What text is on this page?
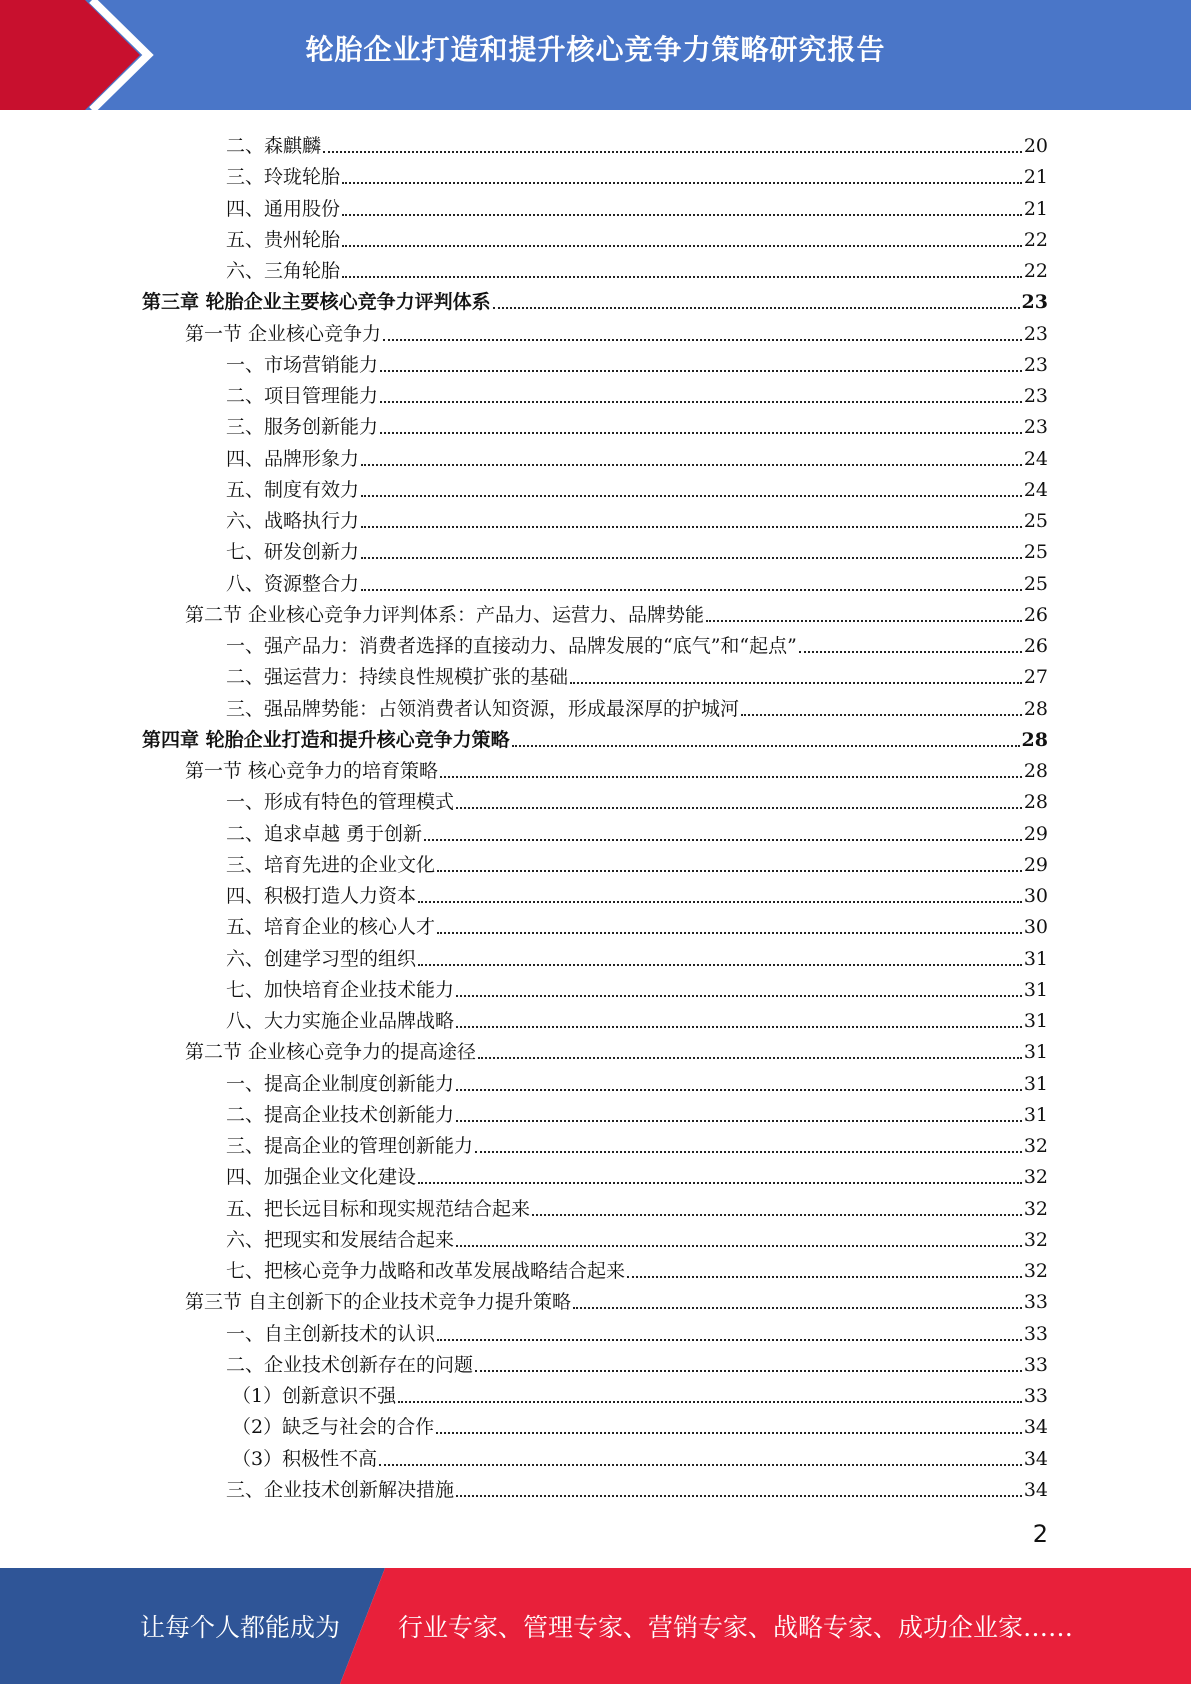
轮胎企业打造和提升核心竞争力策略研究报告
二、森麒麟	20
三、玲珑轮胎	21
四、通用股份	21
五、贵州轮胎	22
六、三角轮胎	22
第三章 轮胎企业主要核心竞争力评判体系	23
第一节 企业核心竞争力	23
一、市场营销能力	23
二、项目管理能力	23
三、服务创新能力	23
四、品牌形象力	24
五、制度有效力	24
六、战略执行力	25
七、研发创新力	25
八、资源整合力	25
第二节 企业核心竞争力评判体系：产品力、运营力、品牌势能	26
一、强产品力：消费者选择的直接动力、品牌发展的“底气”和“起点”	26
二、强运营力：持续良性规模扩张的基础	27
三、强品牌势能：占领消费者认知资源，形成最深厚的护城河	28
第四章 轮胎企业打造和提升核心竞争力策略	28
第一节 核心竞争力的培育策略	28
一、形成有特色的管理模式	28
二、追求卓越 勇于创新	29
三、培育先进的企业文化	29
四、积极打造人力资本	30
五、培育企业的核心人才	30
六、创建学习型的组织	31
七、加快培育企业技术能力	31
八、大力实施企业品牌战略	31
第二节 企业核心竞争力的提高途径	31
一、提高企业制度创新能力	31
二、提高企业技术创新能力	31
三、提高企业的管理创新能力	32
四、加强企业文化建设	32
五、把长远目标和现实规范结合起来	32
六、把现实和发展结合起来	32
七、把核心竞争力战略和改革发展战略结合起来	32
第三节 自主创新下的企业技术竞争力提升策略	33
一、自主创新技术的认识	33
二、企业技术创新存在的问题	33
（1）创新意识不强	33
（2）缺乏与社会的合作	34
（3）积极性不高	34
三、企业技术创新解决措施	34
2
让每个人都能成为 行业专家、管理专家、营销专家、战略专家、成功企业家……
